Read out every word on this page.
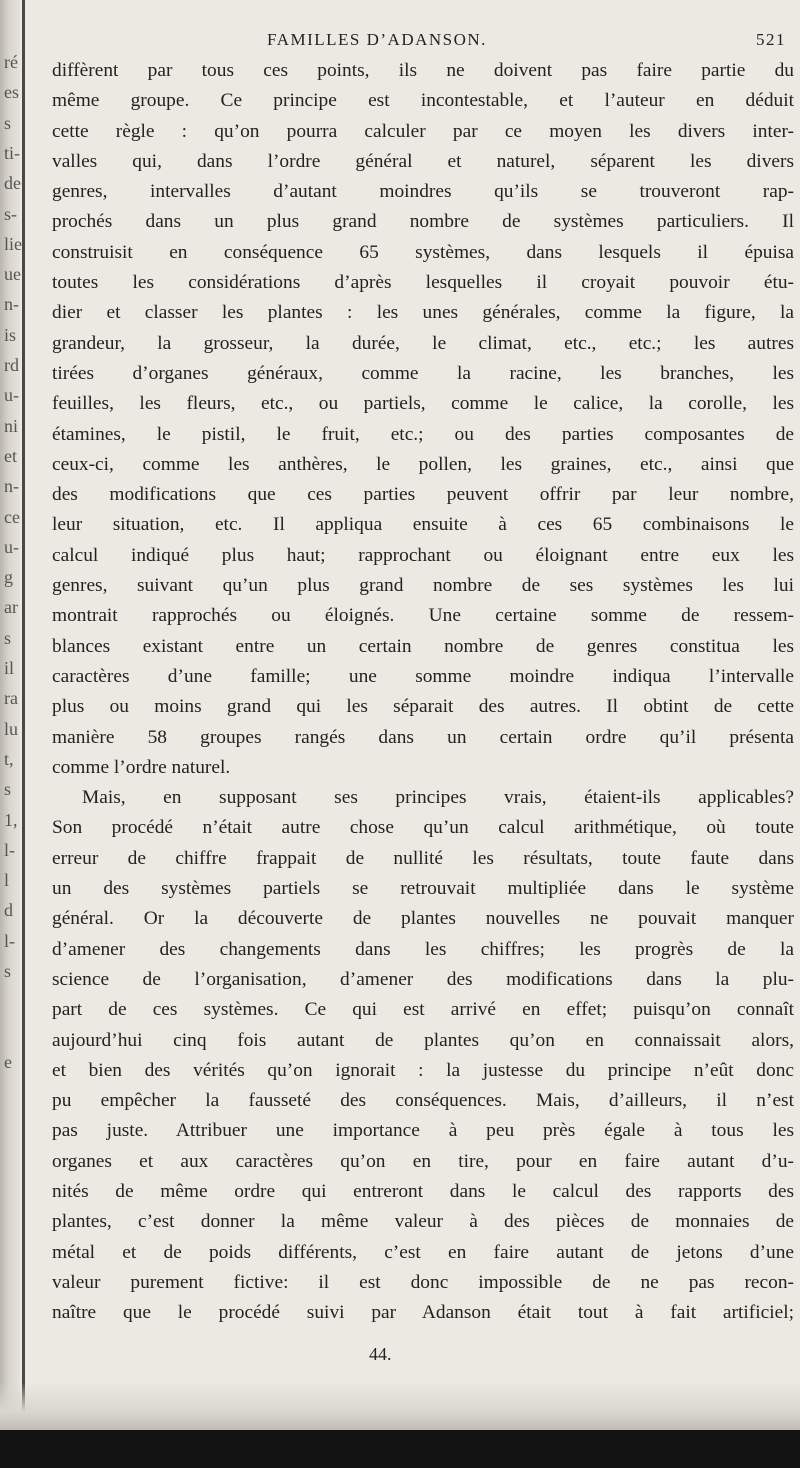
ré
es
s
ti-
de
s-
lie
ue
n-
is
rd
u-
ni
et
n-
ce
u-
g
ar
s
il
ra
lu
t,
s
1,
l-
l
d
l-
s
e
FAMILLES D’ADANSON.	521

diffèrent par tous ces points, ils ne doivent pas faire partie du

même groupe. Ce principe est incontestable, et l’auteur en déduit

cette règle : qu’on pourra calculer par ce moyen les divers inter-

valles qui, dans l’ordre général et naturel, séparent les divers

genres, intervalles d’autant moindres qu’ils se trouveront rap-

prochés dans un plus grand nombre de systèmes particuliers. Il

construisit en conséquence 65 systèmes, dans lesquels il épuisa

toutes les considérations d’après lesquelles il croyait pouvoir étu-

dier et classer les plantes : les unes générales, comme la figure, la

grandeur, la grosseur, la durée, le climat, etc., etc.; les autres

tirées d’organes généraux, comme la racine, les branches, les

feuilles, les fleurs, etc., ou partiels, comme le calice, la corolle, les

étamines, le pistil, le fruit, etc.; ou des parties composantes de

ceux-ci, comme les anthères, le pollen, les graines, etc., ainsi que

des modifications que ces parties peuvent offrir par leur nombre,

leur situation, etc. Il appliqua ensuite à ces 65 combinaisons le

calcul indiqué plus haut; rapprochant ou éloignant entre eux les

genres, suivant qu’un plus grand nombre de ses systèmes les lui

montrait rapprochés ou éloignés. Une certaine somme de ressem-

blances existant entre un certain nombre de genres constitua les

caractères d’une famille; une somme moindre indiqua l’intervalle

plus ou moins grand qui les séparait des autres. Il obtint de cette

manière 58 groupes rangés dans un certain ordre qu’il présenta

comme l’ordre naturel.

Mais, en supposant ses principes vrais, étaient-ils applicables?

Son procédé n’était autre chose qu’un calcul arithmétique, où toute

erreur de chiffre frappait de nullité les résultats, toute faute dans

un des systèmes partiels se retrouvait multipliée dans le système

général. Or la découverte de plantes nouvelles ne pouvait manquer

d’amener des changements dans les chiffres; les progrès de la

science de l’organisation, d’amener des modifications dans la plu-

part de ces systèmes. Ce qui est arrivé en effet; puisqu’on connaît

aujourd’hui cinq fois autant de plantes qu’on en connaissait alors,

et bien des vérités qu’on ignorait : la justesse du principe n’eût donc

pu empêcher la fausseté des conséquences. Mais, d’ailleurs, il n’est

pas juste. Attribuer une importance à peu près égale à tous les

organes et aux caractères qu’on en tire, pour en faire autant d’u-

nités de même ordre qui entreront dans le calcul des rapports des

plantes, c’est donner la même valeur à des pièces de monnaies de

métal et de poids différents, c’est en faire autant de jetons d’une

valeur purement fictive: il est donc impossible de ne pas recon-

naître que le procédé suivi par Adanson était tout à fait artificiel;

44.
